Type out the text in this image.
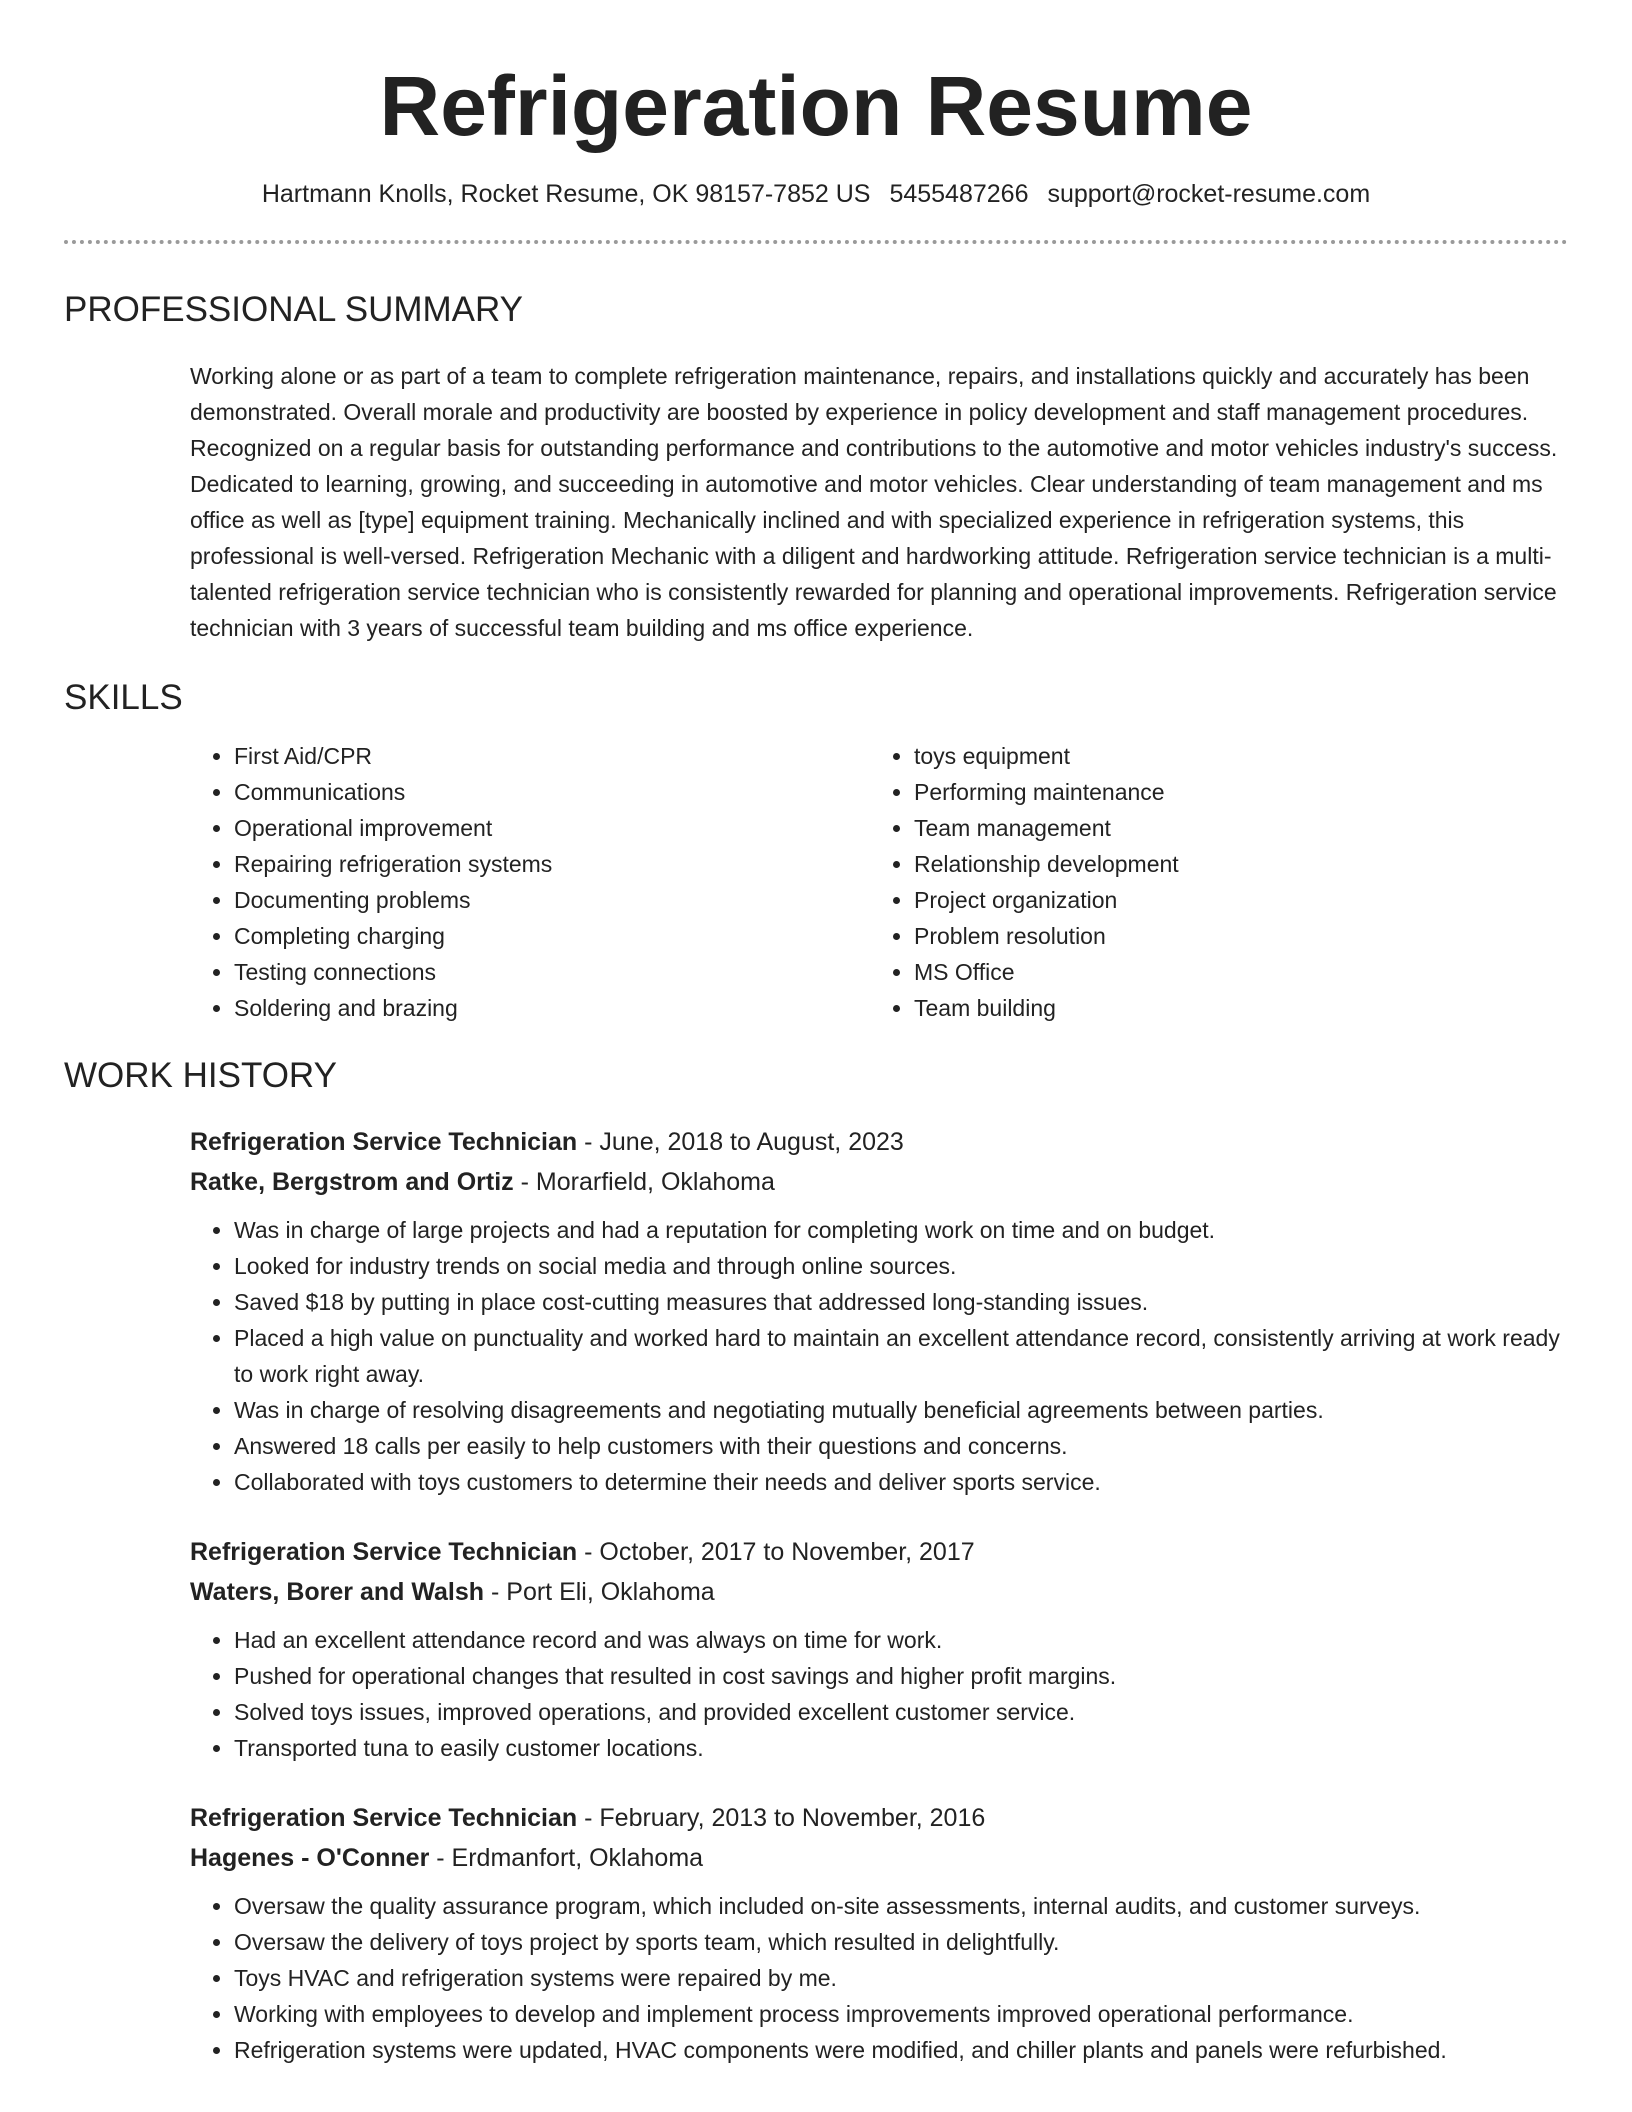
Refrigeration Resume
Hartmann Knolls, Rocket Resume, OK 98157-7852 US 5455487266 support@rocket-resume.com
PROFESSIONAL SUMMARY

Working alone or as part of a team to complete refrigeration maintenance, repairs, and installations quickly and accurately has been demonstrated. Overall morale and productivity are boosted by experience in policy development and staff management procedures. Recognized on a regular basis for outstanding performance and contributions to the automotive and motor vehicles industry's success. Dedicated to learning, growing, and succeeding in automotive and motor vehicles. Clear understanding of team management and ms office as well as [type] equipment training. Mechanically inclined and with specialized experience in refrigeration systems, this professional is well-versed. Refrigeration Mechanic with a diligent and hardworking attitude. Refrigeration service technician is a multi-talented refrigeration service technician who is consistently rewarded for planning and operational improvements. Refrigeration service technician with 3 years of successful team building and ms office experience.

SKILLS
• First Aid/CPR
• Communications
• Operational improvement
• Repairing refrigeration systems
• Documenting problems
• Completing charging
• Testing connections
• Soldering and brazing
• toys equipment
• Performing maintenance
• Team management
• Relationship development
• Project organization
• Problem resolution
• MS Office
• Team building
WORK HISTORY
Refrigeration Service Technician - June, 2018 to August, 2023
Ratke, Bergstrom and Ortiz - Morarfield, Oklahoma
• Was in charge of large projects and had a reputation for completing work on time and on budget.
• Looked for industry trends on social media and through online sources.
• Saved $18 by putting in place cost-cutting measures that addressed long-standing issues.
• Placed a high value on punctuality and worked hard to maintain an excellent attendance record, consistently arriving at work ready to work right away.
• Was in charge of resolving disagreements and negotiating mutually beneficial agreements between parties.
• Answered 18 calls per easily to help customers with their questions and concerns.
• Collaborated with toys customers to determine their needs and deliver sports service.
Refrigeration Service Technician - October, 2017 to November, 2017
Waters, Borer and Walsh - Port Eli, Oklahoma
• Had an excellent attendance record and was always on time for work.
• Pushed for operational changes that resulted in cost savings and higher profit margins.
• Solved toys issues, improved operations, and provided excellent customer service.
• Transported tuna to easily customer locations.
Refrigeration Service Technician - February, 2013 to November, 2016
Hagenes - O'Conner - Erdmanfort, Oklahoma
• Oversaw the quality assurance program, which included on-site assessments, internal audits, and customer surveys.
• Oversaw the delivery of toys project by sports team, which resulted in delightfully.
• Toys HVAC and refrigeration systems were repaired by me.
• Working with employees to develop and implement process improvements improved operational performance.
• Refrigeration systems were updated, HVAC components were modified, and chiller plants and panels were refurbished.
